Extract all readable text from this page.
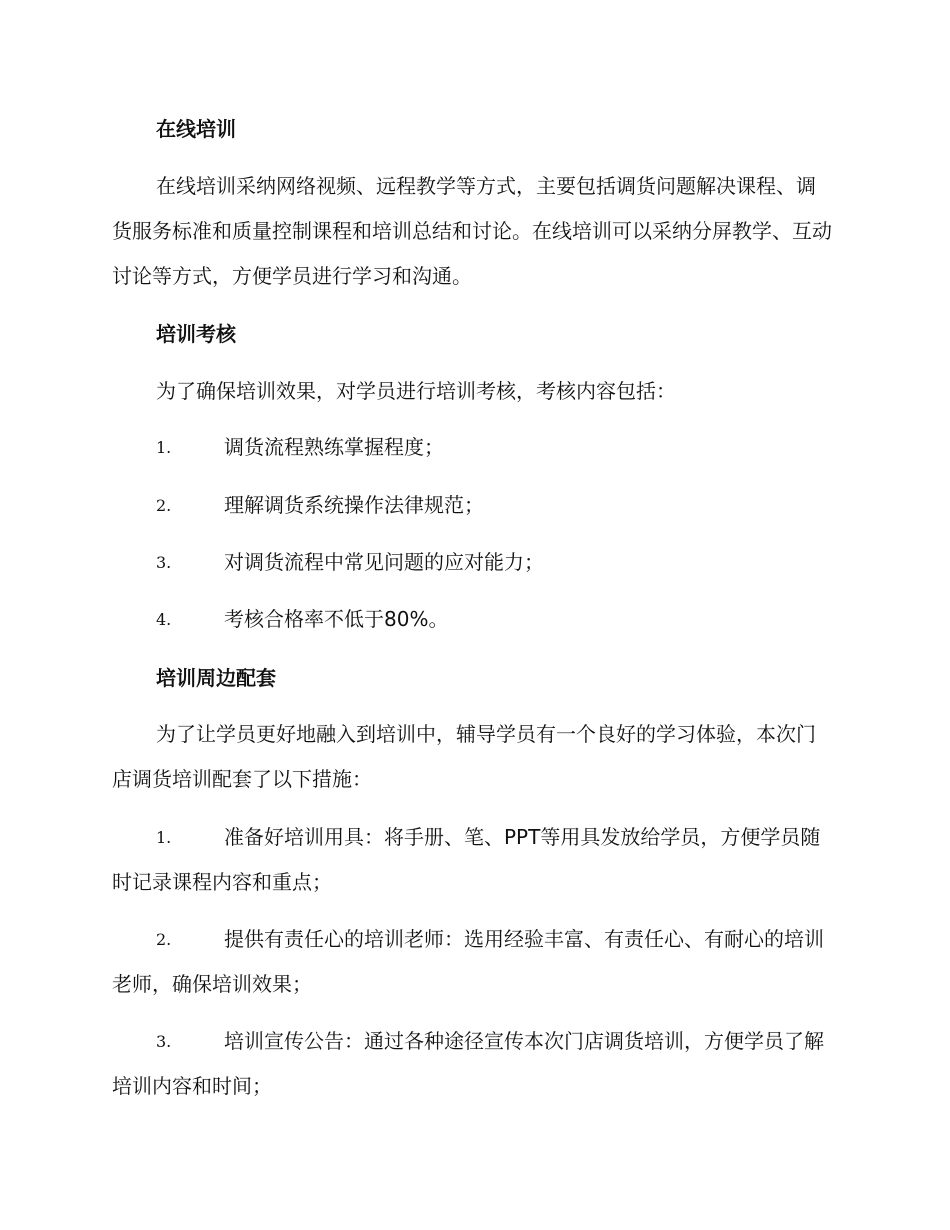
在线培训

在线培训采纳网络视频、远程教学等方式，主要包括调货问题解决课程、调货服务标准和质量控制课程和培训总结和讨论。在线培训可以采纳分屏教学、互动讨论等方式，方便学员进行学习和沟通。

培训考核

为了确保培训效果，对学员进行培训考核，考核内容包括：

1.	调货流程熟练掌握程度；
2.	理解调货系统操作法律规范；
3.	对调货流程中常见问题的应对能力；
4.	考核合格率不低于80%。

培训周边配套

为了让学员更好地融入到培训中，辅导学员有一个良好的学习体验，本次门店调货培训配套了以下措施：

1.	准备好培训用具：将手册、笔、PPT等用具发放给学员，方便学员随时记录课程内容和重点；
2.	提供有责任心的培训老师：选用经验丰富、有责任心、有耐心的培训老师，确保培训效果；
3.	培训宣传公告：通过各种途径宣传本次门店调货培训，方便学员了解培训内容和时间；
